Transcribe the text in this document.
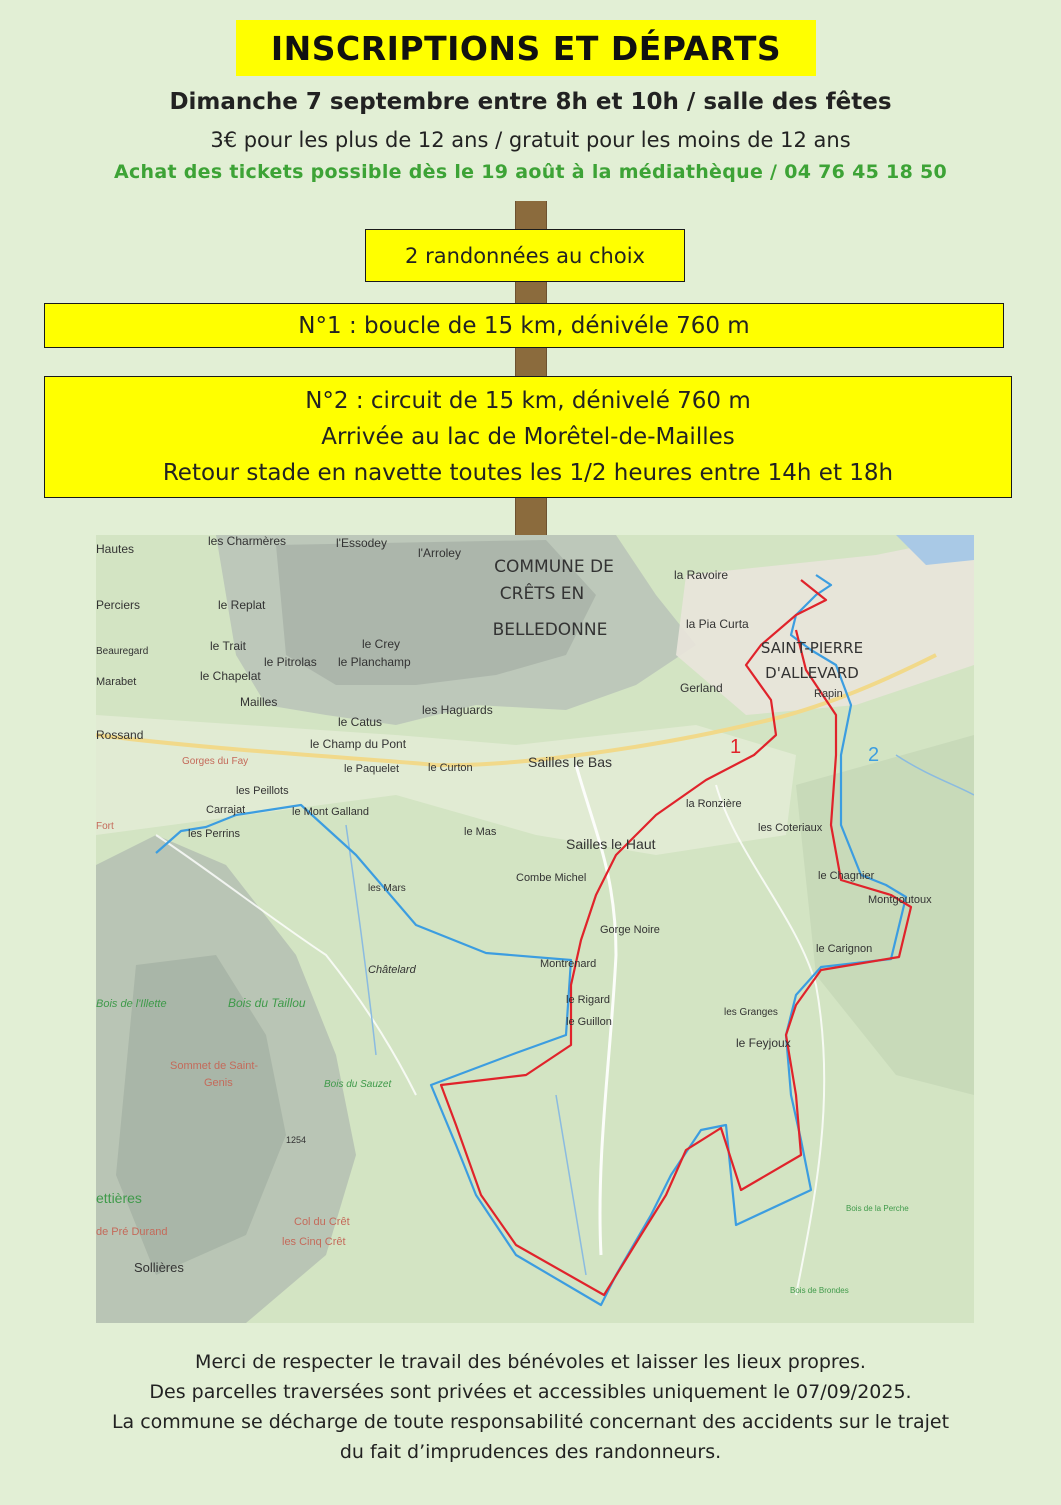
INSCRIPTIONS ET DÉPARTS
Dimanche 7 septembre entre 8h et 10h / salle des fêtes
3€ pour les plus de 12 ans / gratuit pour les moins de 12 ans
Achat des tickets possible dès le 19 août à la médiathèque / 04 76 45 18 50
2 randonnées au choix
N°1 : boucle de 15 km, dénivéle 760 m
N°2 : circuit de 15 km, dénivelé 760 m
Arrivée au lac de Morêtel-de-Mailles
Retour stade en navette toutes les 1/2 heures entre 14h et 18h
1	2
COMMUNE DE
CRÊTS EN
BELLEDONNE
SAINT-PIERRE
D'ALLEVARD
Hautes
les Charmères	l'Essodey
l'Arroley
la Ravoire
Perciers	le Replat
la Pia Curta
Beauregard	le Trait	le Crey
le Pitrolas le Planchamp
le Chapelat
Marabet	Gerland	Rapin
Mailles
le Catus
les Haguards
Rossand
le Champ du Pont
Gorges du Fay
le Paquelet	le Curton	Sailles le Bas
les Peillots
Carrajat	le Mont Galland
la Ronzière
Fort
les Perrins	le Mas	les Coteriaux
Sailles le Haut
Combe Michel	le Chagnier
les Mars
Montgoutoux
Gorge Noire
le Carignon
Châtelard	Montrenard
Bois de l'Illette	Bois du Taillou	le Rigard
le Guillon
les Granges
le Feyjoux
Sommet de Saint-
Genis	Bois du Sauzet
1254
ettières
de Pré Durand
Col du Crêt
les Cinq Crêt
Sollières
Bois de la Perche
Bois de Brondes
Merci de respecter le travail des bénévoles et laisser les lieux propres.
Des parcelles traversées sont privées et accessibles uniquement le 07/09/2025.
La commune se décharge de toute responsabilité concernant des accidents sur le trajet
du fait d’imprudences des randonneurs.
